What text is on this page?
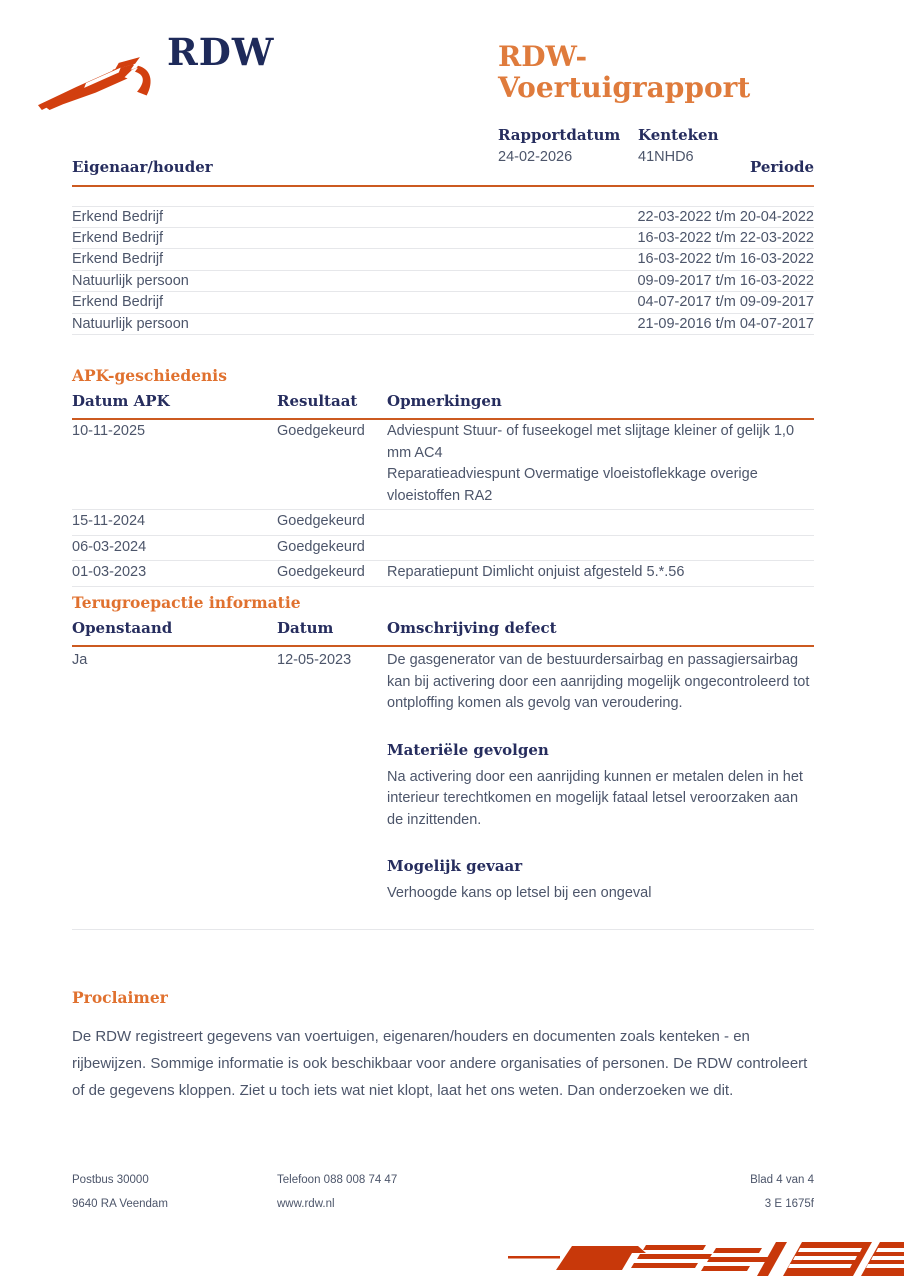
RDW	RDW-Voertuigrapport
Rapportdatum
24-02-2026
Kenteken
41NHD6
Eigenaar/houder	Periode
Erkend Bedrijf	22-03-2022 t/m 20-04-2022
Erkend Bedrijf	16-03-2022 t/m 22-03-2022
Erkend Bedrijf	16-03-2022 t/m 16-03-2022
Natuurlijk persoon	09-09-2017 t/m 16-03-2022
Erkend Bedrijf	04-07-2017 t/m 09-09-2017
Natuurlijk persoon	21-09-2016 t/m 04-07-2017
APK-geschiedenis
Datum APK	Resultaat	Opmerkingen
10-11-2025	Goedgekeurd	Adviespunt Stuur- of fuseekogel met slijtage kleiner of gelijk 1,0 mm AC4
Reparatieadviespunt Overmatige vloeistoflekkage overige vloeistoffen RA2
15-11-2024	Goedgekeurd
06-03-2024	Goedgekeurd
01-03-2023	Goedgekeurd	Reparatiepunt Dimlicht onjuist afgesteld 5.*.56
Terugroepactie informatie
Openstaand	Datum	Omschrijving defect
Ja	12-05-2023	De gasgenerator van de bestuurdersairbag en passagiersairbag kan bij activering door een aanrijding mogelijk ongecontroleerd tot ontploffing komen als gevolg van veroudering.
Materiële gevolgen
Na activering door een aanrijding kunnen er metalen delen in het interieur terechtkomen en mogelijk fataal letsel veroorzaken aan de inzittenden.
Mogelijk gevaar
Verhoogde kans op letsel bij een ongeval
Proclaimer
De RDW registreert gegevens van voertuigen, eigenaren/houders en documenten zoals kenteken - en rijbewijzen. Sommige informatie is ook beschikbaar voor andere organisaties of personen. De RDW controleert of de gegevens kloppen. Ziet u toch iets wat niet klopt, laat het ons weten. Dan onderzoeken we dit.
Postbus 30000
9640 RA Veendam
Telefoon 088 008 74 47
www.rdw.nl
Blad 4 van 4
3 E 1675f
